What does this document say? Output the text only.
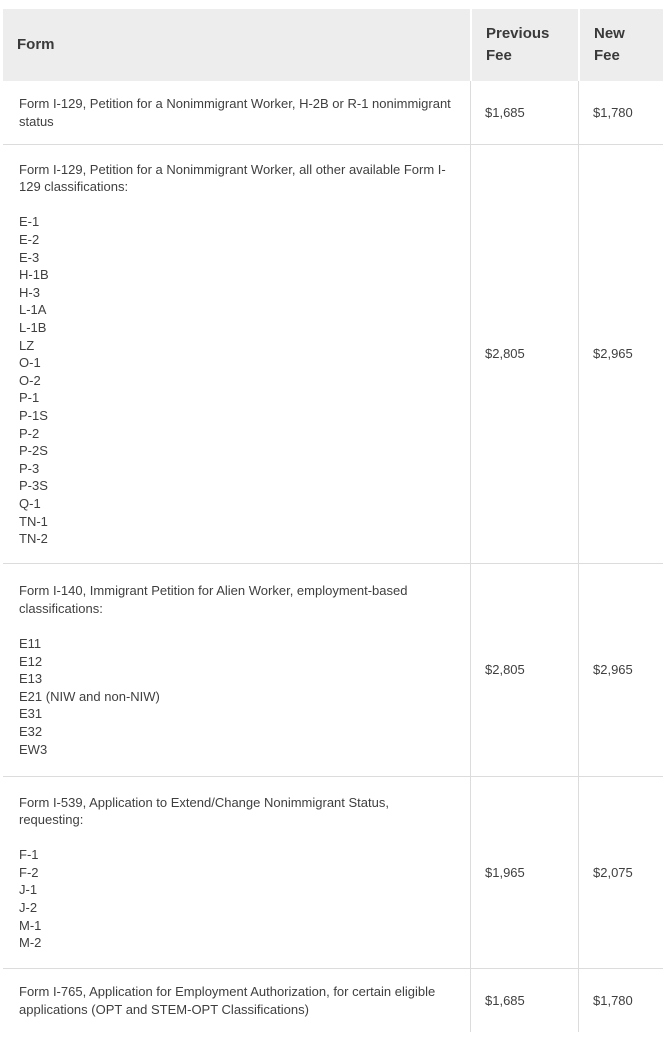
Form	Previous Fee	New Fee

Form I-129, Petition for a Nonimmigrant Worker, H-2B or R-1 nonimmigrant status	$1,685	$1,780

Form I-129, Petition for a Nonimmigrant Worker, all other available Form I-129 classifications:

E-1
E-2
E-3
H-1B
H-3
L-1A
L-1B
LZ
O-1
O-2
P-1
P-1S
P-2
P-2S
P-3
P-3S
Q-1
TN-1
TN-2
	$2,805	$2,965

Form I-140, Immigrant Petition for Alien Worker, employment-based classifications:

E11
E12
E13
E21 (NIW and non-NIW)
E31
E32
EW3
	$2,805	$2,965

Form I-539, Application to Extend/Change Nonimmigrant Status, requesting:

F-1
F-2
J-1
J-2
M-1
M-2
	$1,965	$2,075

Form I-765, Application for Employment Authorization, for certain eligible applications (OPT and STEM-OPT Classifications)	$1,685	$1,780
